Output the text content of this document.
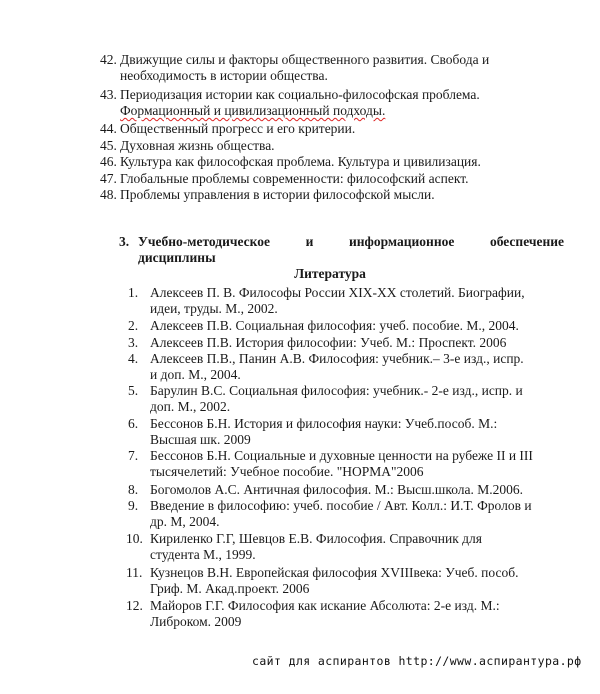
42. Движущие силы и факторы общественного развития. Свобода и
необходимость в истории общества.
43. Периодизация истории как социально-философская проблема.
Формационный и цивилизационный подходы.
44. Общественный прогресс и его критерии.
45. Духовная жизнь общества.
46. Культура как философская проблема. Культура и цивилизация.
47. Глобальные проблемы современности: философский аспект.
48. Проблемы управления в истории философской мысли.
3. Учебно-методическое и информационное обеспечение
дисциплины
Литература
1. Алексеев П. В. Философы России XIX-XX столетий. Биографии,
идеи, труды. М., 2002.
2. Алексеев П.В. Социальная философия: учеб. пособие. М., 2004.
3. Алексеев П.В. История философии: Учеб. М.: Проспект. 2006
4. Алексеев П.В., Панин А.В. Философия: учебник.– 3-е изд., испр.
и доп. М., 2004.
5. Барулин В.С. Социальная философия: учебник.- 2-е изд., испр. и
доп. М., 2002.
6. Бессонов Б.Н. История и философия науки: Учеб.пособ. М.:
Высшая шк. 2009
7. Бессонов Б.Н. Социальные и духовные ценности на рубеже II и III
тысячелетий: Учебное пособие. "НОРМА"2006
8. Богомолов А.С. Античная философия. М.: Высш.школа. М.2006.
9. Введение в философию: учеб. пособие / Авт. Колл.: И.Т. Фролов и
др. М, 2004.
10. Кириленко Г.Г, Шевцов Е.В. Философия. Справочник для
студента М., 1999.
11. Кузнецов В.Н. Европейская философия XVIIIвека: Учеб. пособ.
Гриф. М. Акад.проект. 2006
12. Майоров Г.Г. Философия как искание Абсолюта: 2-е изд. М.:
Либроком. 2009
сайт для аспирантов http://www.аспирантура.рф
